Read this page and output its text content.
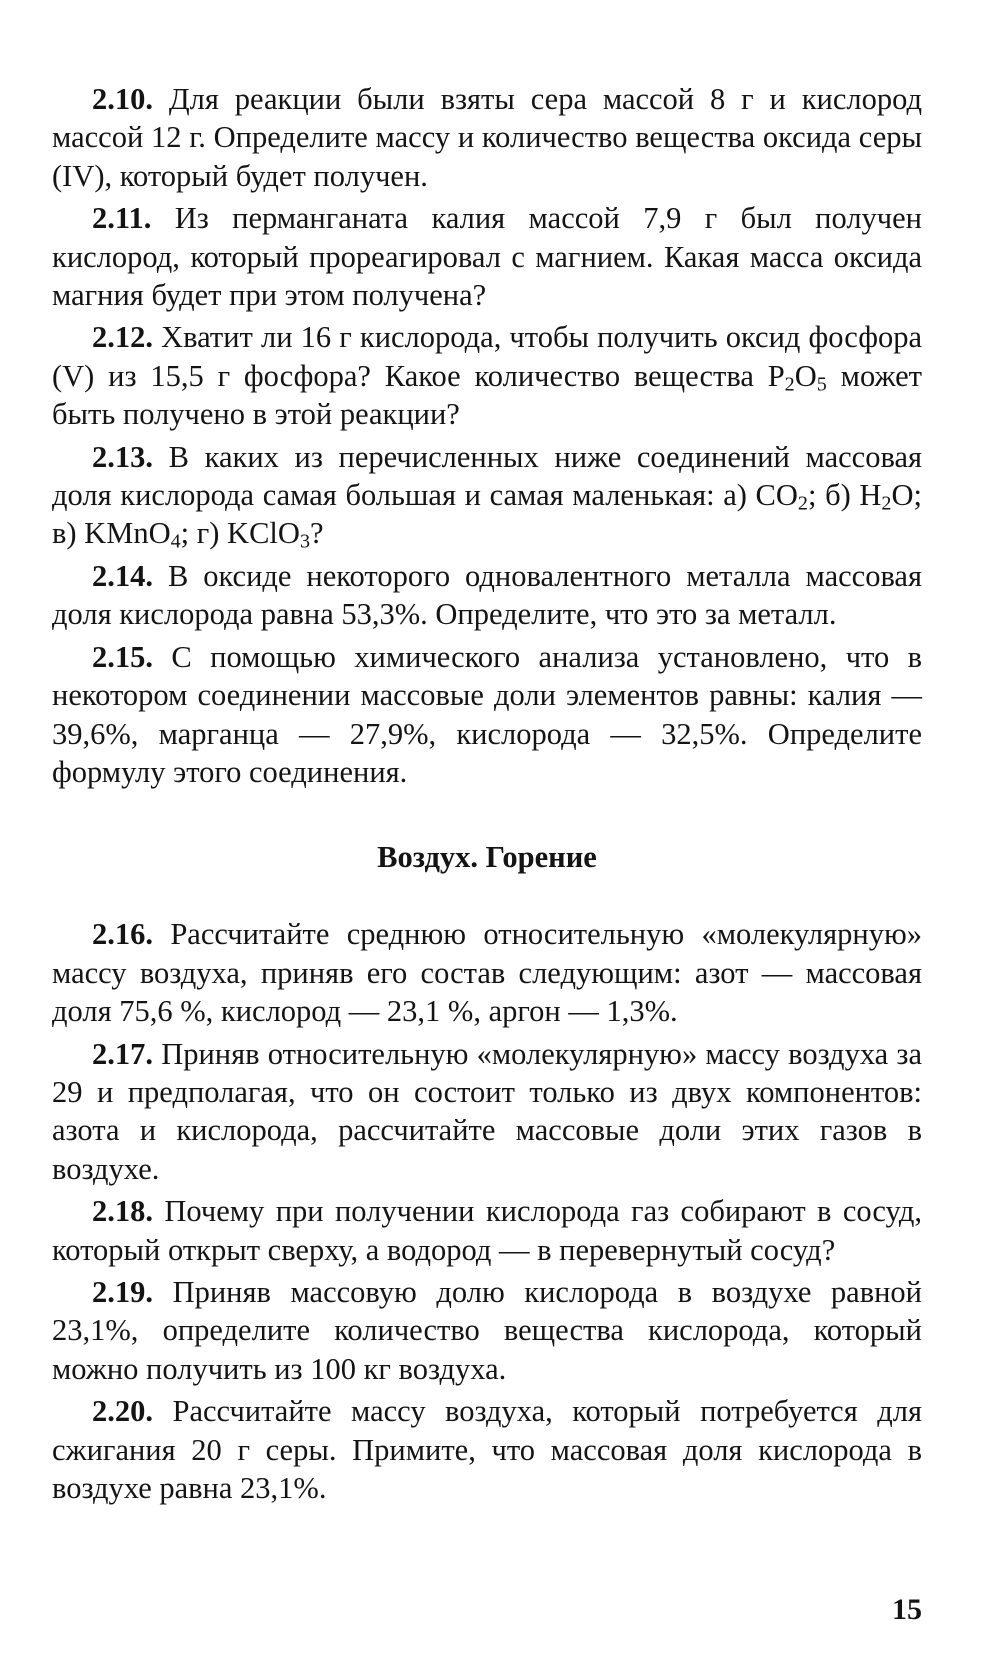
2.10. Для реакции были взяты сера массой 8 г и кислород массой 12 г. Определите массу и количество вещества оксида серы (IV), который будет получен.

2.11. Из перманганата калия массой 7,9 г был получен кислород, который прореагировал с магнием. Какая масса оксида магния будет при этом получена?

2.12. Хватит ли 16 г кислорода, чтобы получить оксид фосфора (V) из 15,5 г фосфора? Какое количество вещества $P_2O_5$ может быть получено в этой реакции?

2.13. В каких из перечисленных ниже соединений массовая доля кислорода самая большая и самая маленькая: а) $CO_2$; б) $H_2O$; в) KMnO$_4$; г) KClO$_3$?

2.14. В оксиде некоторого одновалентного металла массовая доля кислорода равна 53,3%. Определите, что это за металл.

2.15. С помощью химического анализа установлено, что в некотором соединении массовые доли элементов равны: калия — 39,6%, марганца — 27,9%, кислорода — 32,5%. Определите формулу этого соединения.

Воздух. Горение

2.16. Рассчитайте среднюю относительную «молекулярную» массу воздуха, приняв его состав следующим: азот — массовая доля 75,6 %, кислород — 23,1 %, аргон — 1,3%.

2.17. Приняв относительную «молекулярную» массу воздуха за 29 и предполагая, что он состоит только из двух компонентов: азота и кислорода, рассчитайте массовые доли этих газов в воздухе.

2.18. Почему при получении кислорода газ собирают в сосуд, который открыт сверху, а водород — в перевернутый сосуд?

2.19. Приняв массовую долю кислорода в воздухе равной 23,1%, определите количество вещества кислорода, который можно получить из 100 кг воздуха.

2.20. Рассчитайте массу воздуха, который потребуется для сжигания 20 г серы. Примите, что массовая доля кислорода в воздухе равна 23,1%.

15
